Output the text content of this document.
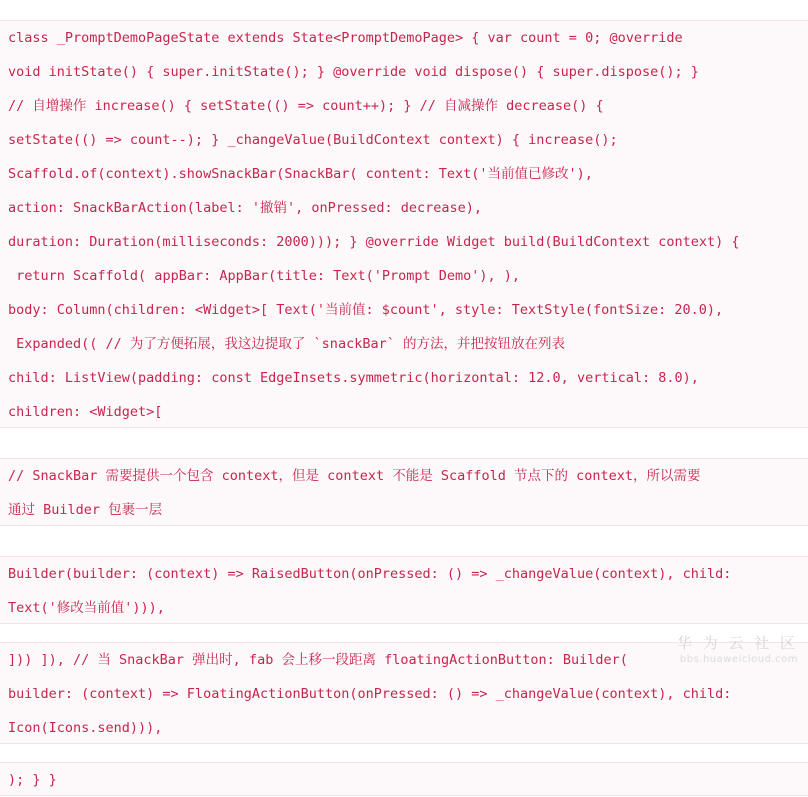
class _PromptDemoPageState extends State<PromptDemoPage> { var count = 0; @override
void initState() { super.initState(); } @override void dispose() { super.dispose(); }
// 自增操作 increase() { setState(() => count++); } // 自减操作 decrease() {
setState(() => count--); } _changeValue(BuildContext context) { increase();
Scaffold.of(context).showSnackBar(SnackBar( content: Text('当前值已修改'),
action: SnackBarAction(label: '撤销', onPressed: decrease),
duration: Duration(milliseconds: 2000))); } @override Widget build(BuildContext context) {
return Scaffold( appBar: AppBar(title: Text('Prompt Demo'), ),
body: Column(children: <Widget>[ Text('当前值: $count', style: TextStyle(fontSize: 20.0),
Expanded(( // 为了方便拓展，我这边提取了 `snackBar` 的方法，并把按钮放在列表
child: ListView(padding: const EdgeInsets.symmetric(horizontal: 12.0, vertical: 8.0),
children: <Widget>[
// SnackBar 需要提供一个包含 context，但是 context 不能是 Scaffold 节点下的 context，所以需要
通过 Builder 包裹一层
Builder(builder: (context) => RaisedButton(onPressed: () => _changeValue(context), child:
Text('修改当前值'))),
])) ]), // 当 SnackBar 弹出时, fab 会上移一段距离 floatingActionButton: Builder(
builder: (context) => FloatingActionButton(onPressed: () => _changeValue(context), child:
Icon(Icons.send))),
); } }
华 为 云 社 区
bbs.huaweicloud.com
